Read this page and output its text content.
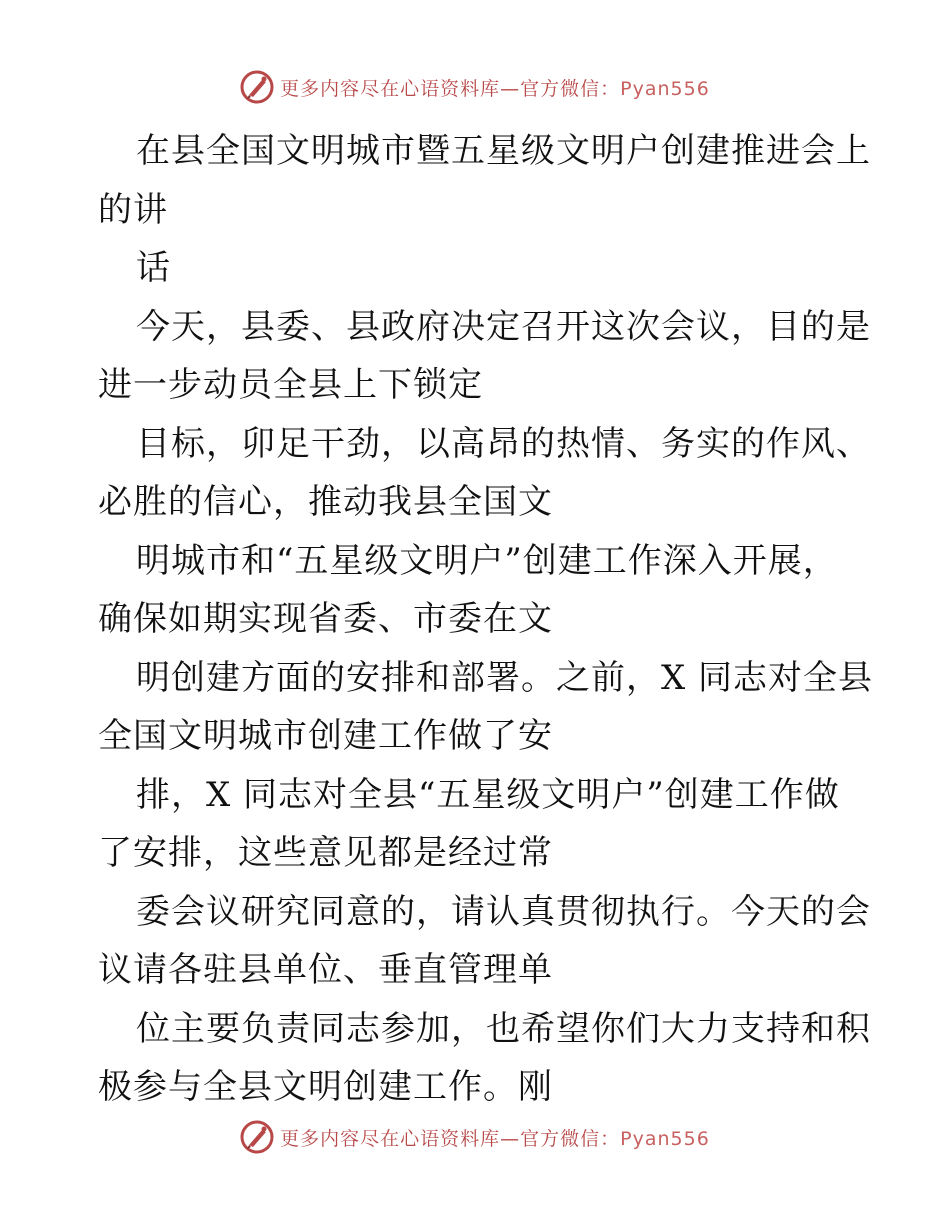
更多内容尽在心语资料库—官方微信：Pyan556
在县全国文明城市暨五星级文明户创建推进会上
的讲
话
今天，县委、县政府决定召开这次会议，目的是
进一步动员全县上下锁定
目标，卯足干劲，以高昂的热情、务实的作风、
必胜的信心，推动我县全国文
明城市和“五星级文明户”创建工作深入开展，
确保如期实现省委、市委在文
明创建方面的安排和部署。之前，X 同志对全县
全国文明城市创建工作做了安
排，X 同志对全县“五星级文明户”创建工作做
了安排，这些意见都是经过常
委会议研究同意的，请认真贯彻执行。今天的会
议请各驻县单位、垂直管理单
位主要负责同志参加，也希望你们大力支持和积
极参与全县文明创建工作。刚
更多内容尽在心语资料库—官方微信：Pyan556
